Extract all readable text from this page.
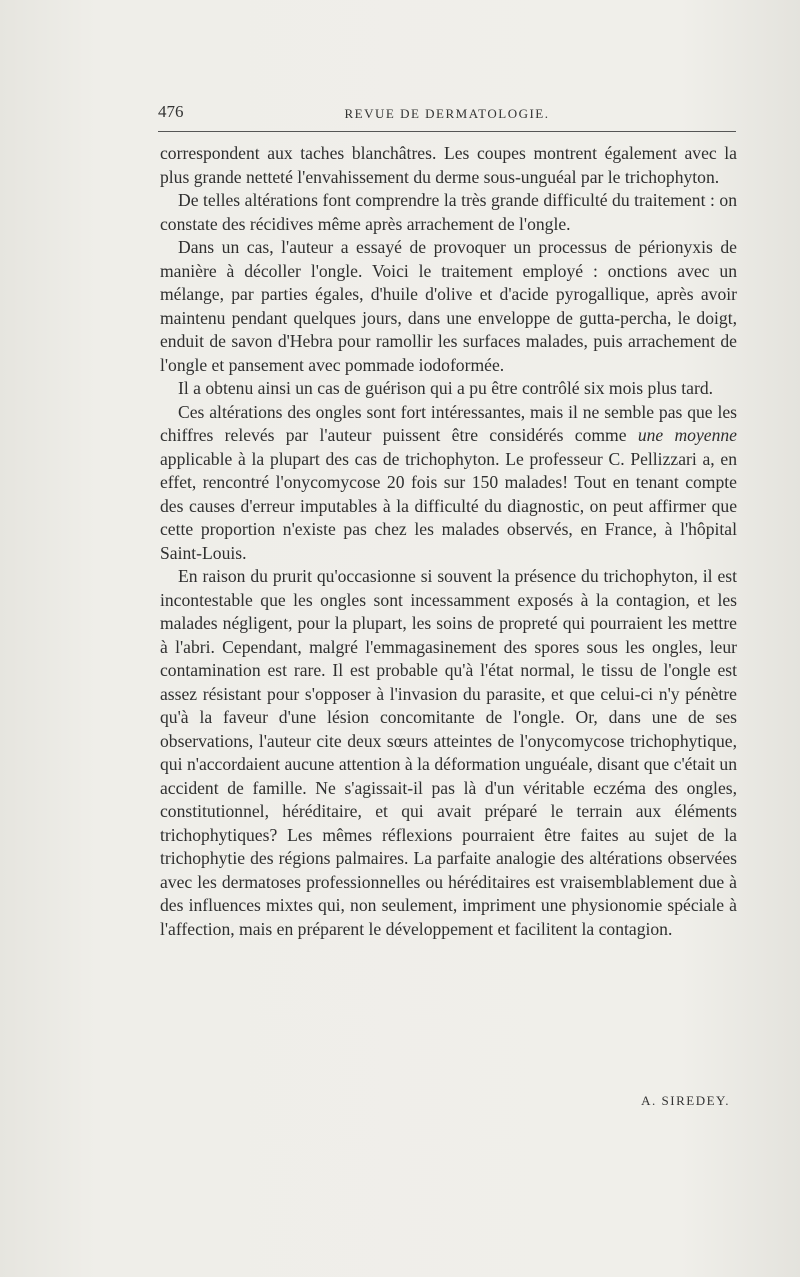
476	REVUE DE DERMATOLOGIE.

correspondent aux taches blanchâtres. Les coupes montrent également avec la plus grande netteté l'envahissement du derme sous-unguéal par le trichophyton.

De telles altérations font comprendre la très grande difficulté du traitement : on constate des récidives même après arrachement de l'ongle.

Dans un cas, l'auteur a essayé de provoquer un processus de périonyxis de manière à décoller l'ongle. Voici le traitement employé : onctions avec un mélange, par parties égales, d'huile d'olive et d'acide pyrogallique, après avoir maintenu pendant quelques jours, dans une enveloppe de gutta-percha, le doigt, enduit de savon d'Hebra pour ramollir les surfaces malades, puis arrachement de l'ongle et pansement avec pommade iodoformée.

Il a obtenu ainsi un cas de guérison qui a pu être contrôlé six mois plus tard.

Ces altérations des ongles sont fort intéressantes, mais il ne semble pas que les chiffres relevés par l'auteur puissent être considérés comme une moyenne applicable à la plupart des cas de trichophyton. Le professeur C. Pellizzari a, en effet, rencontré l'onycomycose 20 fois sur 150 malades! Tout en tenant compte des causes d'erreur imputables à la difficulté du diagnostic, on peut affirmer que cette proportion n'existe pas chez les malades observés, en France, à l'hôpital Saint-Louis.

En raison du prurit qu'occasionne si souvent la présence du trichophyton, il est incontestable que les ongles sont incessamment exposés à la contagion, et les malades négligent, pour la plupart, les soins de propreté qui pourraient les mettre à l'abri. Cependant, malgré l'emmagasinement des spores sous les ongles, leur contamination est rare. Il est probable qu'à l'état normal, le tissu de l'ongle est assez résistant pour s'opposer à l'invasion du parasite, et que celui-ci n'y pénètre qu'à la faveur d'une lésion concomitante de l'ongle. Or, dans une de ses observations, l'auteur cite deux sœurs atteintes de l'onycomycose trichophytique, qui n'accordaient aucune attention à la déformation unguéale, disant que c'était un accident de famille. Ne s'agissait-il pas là d'un véritable eczéma des ongles, constitutionnel, héréditaire, et qui avait préparé le terrain aux éléments trichophytiques? Les mêmes réflexions pourraient être faites au sujet de la trichophytie des régions palmaires. La parfaite analogie des altérations observées avec les dermatoses professionnelles ou héréditaires est vraisemblablement due à des influences mixtes qui, non seulement, impriment une physionomie spéciale à l'affection, mais en préparent le développement et facilitent la contagion.

A. SIREDEY.
